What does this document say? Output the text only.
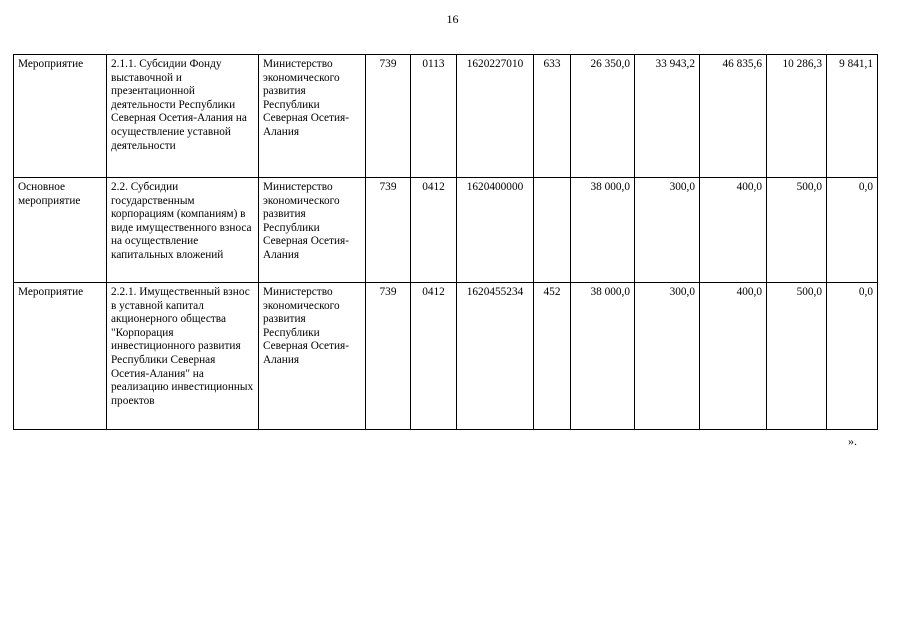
16
Мероприятие	2.1.1. Субсидии Фонду выставочной и презентационной деятельности Республики Северная Осетия-Алания на осуществление уставной деятельности	Министерство экономического развития Республики Северная Осетия-Алания	739	0113	1620227010	633	26 350,0	33 943,2	46 835,6	10 286,3	9 841,1
Основное мероприятие	2.2. Субсидии государственным корпорациям (компаниям) в виде имущественного взноса на осуществление капитальных вложений	Министерство экономического развития Республики Северная Осетия-Алания	739	0412	1620400000		38 000,0	300,0	400,0	500,0	0,0
Мероприятие	2.2.1. Имущественный взнос в уставной капитал акционерного общества "Корпорация инвестиционного развития Республики Северная Осетия-Алания" на реализацию инвестиционных проектов	Министерство экономического развития Республики Северная Осетия-Алания	739	0412	1620455234	452	38 000,0	300,0	400,0	500,0	0,0
».
